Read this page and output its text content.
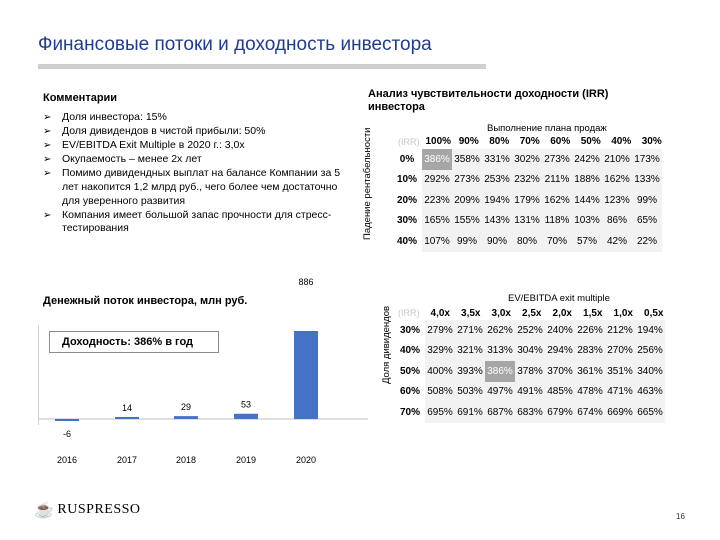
Финансовые потоки и доходность инвестора
Комментарии
➢ Доля инвестора: 15%
➢ Доля дивидендов в чистой прибыли: 50%
➢ EV/EBITDA Exit Multiple в 2020 г.: 3,0х
➢ Окупаемость – менее 2х лет
➢ Помимо дивидендных выплат на балансе Компании за 5 лет накопится 1,2 млрд руб., чего более чем достаточно для уверенного развития
➢ Компания имеет большой запас прочности для стресс-тестирования
Анализ чувствительности доходности (IRR) инвестора
Выполнение плана продаж
(IRR) 100% 90%	80%	70%	60%	50%	40%	30%
Падение рентабельности	0%	386%	358%	331%	302%	273%	242%	210%	173%
10%	292%	273%	253%	232%	211%	188%	162%	133%
20%	223%	209%	194%	179%	162%	144%	123%	99%
30%	165%	155%	143%	131%	118%	103%	86%	65%
40%	107%	99%	90%	80%	70%	57%	42%	22%
Денежный поток инвестора, млн руб.
-6
2016
14
2017
29
2018
53
2019
886
2020
Доходность: 386% в год
EV/EBITDA exit multiple
(IRR)	4,0x	3,5x	3,0x	2,5x	2,0x	1,5x	1,0x	0,5x
Доля дивидендов 30%	279%	271%	262%	252%	240%	226%	212%	194%
40%	329%	321%	313%	304%	294%	283%	270%	256%
50%	400%	393%	386%	378%	370%	361%	351%	340%
60%	508%	503%	497%	491%	485%	478%	471%	463%
70%	695%	691%	687%	683%	679%	674%	669%	665%
☕ RUSPRESSO	16
